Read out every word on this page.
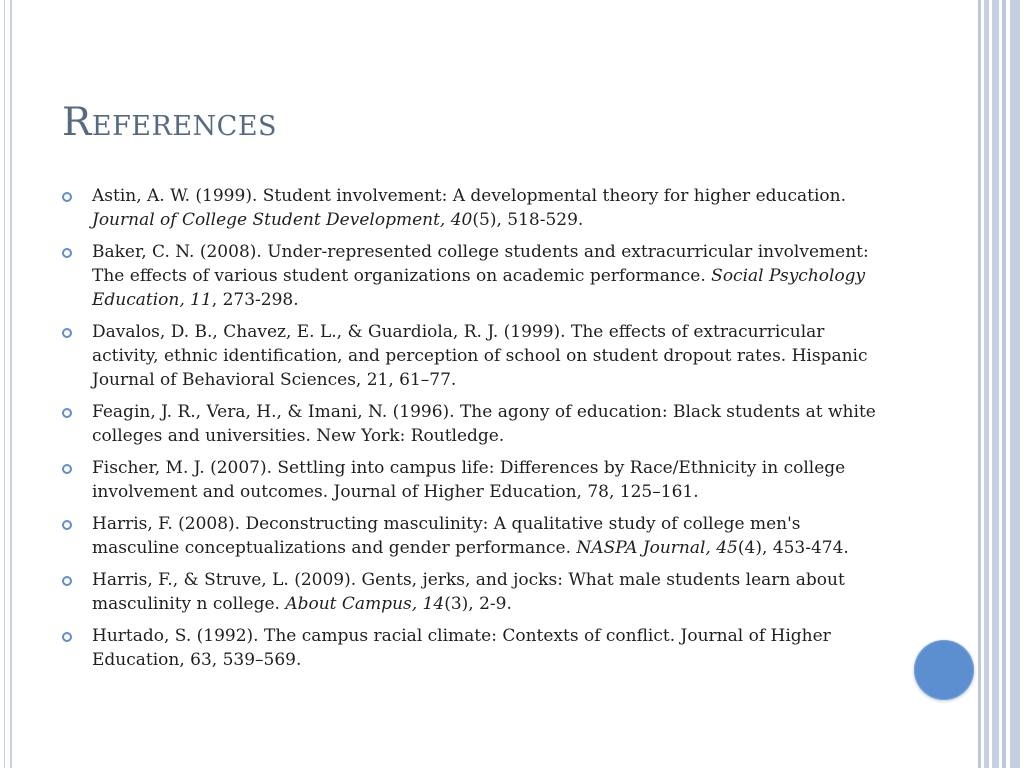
References
Astin, A. W. (1999). Student involvement: A developmental theory for higher education. Journal of College Student Development, 40(5), 518-529.
Baker, C. N. (2008). Under-represented college students and extracurricular involvement: The effects of various student organizations on academic performance. Social Psychology Education, 11, 273-298.
Davalos, D. B., Chavez, E. L., & Guardiola, R. J. (1999). The effects of extracurricular activity, ethnic identification, and perception of school on student dropout rates. Hispanic Journal of Behavioral Sciences, 21, 61–77.
Feagin, J. R., Vera, H., & Imani, N. (1996). The agony of education: Black students at white colleges and universities. New York: Routledge.
Fischer, M. J. (2007). Settling into campus life: Differences by Race/Ethnicity in college involvement and outcomes. Journal of Higher Education, 78, 125–161.
Harris, F. (2008). Deconstructing masculinity: A qualitative study of college men's masculine conceptualizations and gender performance. NASPA Journal, 45(4), 453-474.
Harris, F., & Struve, L. (2009). Gents, jerks, and jocks: What male students learn about masculinity n college. About Campus, 14(3), 2-9.
Hurtado, S. (1992). The campus racial climate: Contexts of conflict. Journal of Higher Education, 63, 539–569.
